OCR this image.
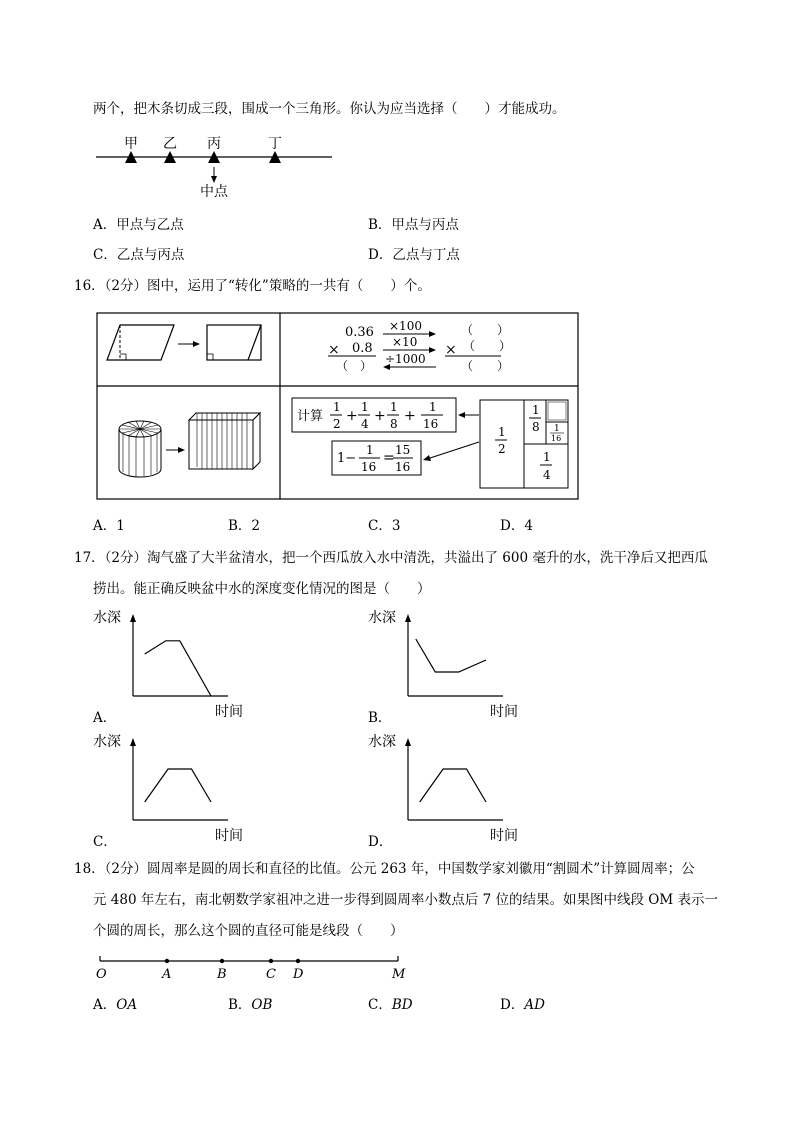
两个，把木条切成三段，围成一个三角形。你认为应当选择（　　）才能成功。
甲 乙 丙	丁
中点
A．甲点与乙点	B．甲点与丙点
C．乙点与丙点	D．乙点与丁点
16．（2分）图中，运用了“转化”策略的一共有（　　）个。
0.36
× 0.8
（　）
×100
×10
÷1000
（　　）
× （　　）
（　　）
计算
1
2 +
1
4 +
1
8 +
1
16
1−
1
16
= 15
16
1
2
1
8 1
16
1
4
A．1	B．2	C．3	D．4
17．（2分）淘气盛了大半盆清水，把一个西瓜放入水中清洗，共溢出了 600 毫升的水，洗干净后又把西瓜
捞出。能正确反映盆中水的深度变化情况的图是（　　）
水深
时间
A．
水深
时间
B．
水深
时间
C．
水深
时间
D．
18．（2分）圆周率是圆的周长和直径的比值。公元 263 年，中国数学家刘徽用“割圆术”计算圆周率；公
元 480 年左右，南北朝数学家祖冲之进一步得到圆周率小数点后 7 位的结果。如果图中线段 OM 表示一
个圆的周长，那么这个圆的直径可能是线段（　　）
O	A	B	C D	M
A．OA	B．OB	C．BD	D．AD
